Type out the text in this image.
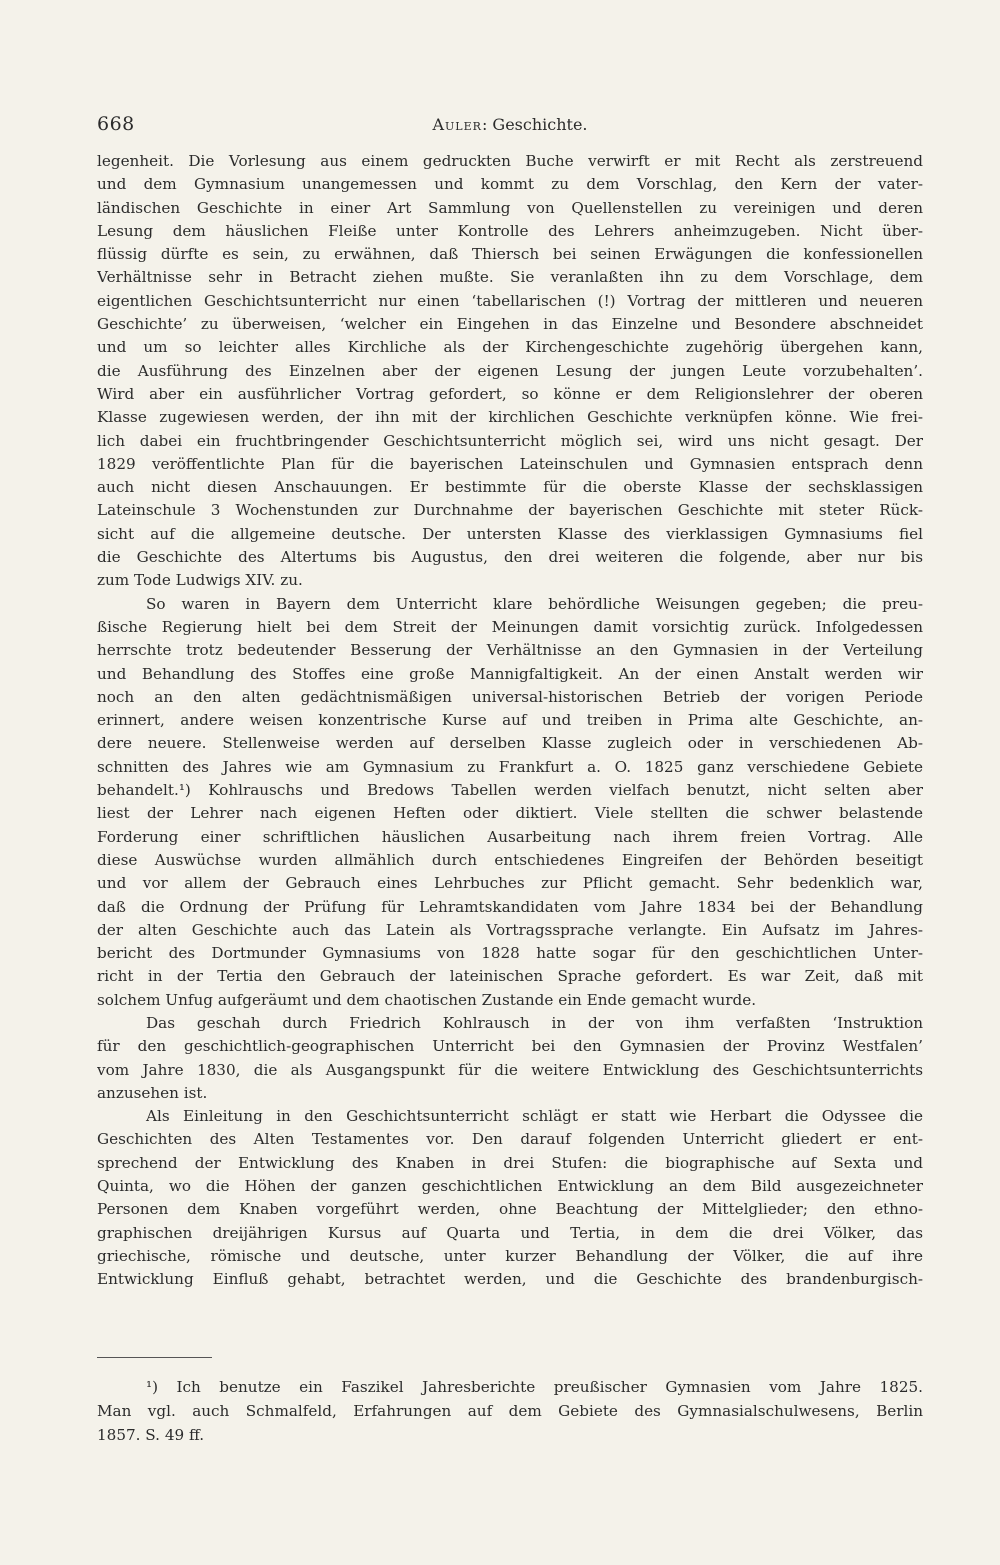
668	Auler: Geschichte.
legenheit. Die Vorlesung aus einem gedruckten Buche verwirft er mit Recht als zerstreuend
und dem Gymnasium unangemessen und kommt zu dem Vorschlag, den Kern der vater-
ländischen Geschichte in einer Art Sammlung von Quellenstellen zu vereinigen und deren
Lesung dem häuslichen Fleiße unter Kontrolle des Lehrers anheimzugeben. Nicht über-
flüssig dürfte es sein, zu erwähnen, daß Thiersch bei seinen Erwägungen die konfessionellen
Verhältnisse sehr in Betracht ziehen mußte. Sie veranlaßten ihn zu dem Vorschlage, dem
eigentlichen Geschichtsunterricht nur einen ‘tabellarischen (!) Vortrag der mittleren und neueren
Geschichte’ zu überweisen, ‘welcher ein Eingehen in das Einzelne und Besondere abschneidet
und um so leichter alles Kirchliche als der Kirchengeschichte zugehörig übergehen kann,
die Ausführung des Einzelnen aber der eigenen Lesung der jungen Leute vorzubehalten’.
Wird aber ein ausführlicher Vortrag gefordert, so könne er dem Religionslehrer der oberen
Klasse zugewiesen werden, der ihn mit der kirchlichen Geschichte verknüpfen könne. Wie frei-
lich dabei ein fruchtbringender Geschichtsunterricht möglich sei, wird uns nicht gesagt. Der
1829 veröffentlichte Plan für die bayerischen Lateinschulen und Gymnasien entsprach denn
auch nicht diesen Anschauungen. Er bestimmte für die oberste Klasse der sechsklassigen
Lateinschule 3 Wochenstunden zur Durchnahme der bayerischen Geschichte mit steter Rück-
sicht auf die allgemeine deutsche. Der untersten Klasse des vierklassigen Gymnasiums fiel
die Geschichte des Altertums bis Augustus, den drei weiteren die folgende, aber nur bis
zum Tode Ludwigs XIV. zu.
So waren in Bayern dem Unterricht klare behördliche Weisungen gegeben; die preu-
ßische Regierung hielt bei dem Streit der Meinungen damit vorsichtig zurück. Infolgedessen
herrschte trotz bedeutender Besserung der Verhältnisse an den Gymnasien in der Verteilung
und Behandlung des Stoffes eine große Mannigfaltigkeit. An der einen Anstalt werden wir
noch an den alten gedächtnismäßigen universal-historischen Betrieb der vorigen Periode
erinnert, andere weisen konzentrische Kurse auf und treiben in Prima alte Geschichte, an-
dere neuere. Stellenweise werden auf derselben Klasse zugleich oder in verschiedenen Ab-
schnitten des Jahres wie am Gymnasium zu Frankfurt a. O. 1825 ganz verschiedene Gebiete
behandelt.¹) Kohlrauschs und Bredows Tabellen werden vielfach benutzt, nicht selten aber
liest der Lehrer nach eigenen Heften oder diktiert. Viele stellten die schwer belastende
Forderung einer schriftlichen häuslichen Ausarbeitung nach ihrem freien Vortrag. Alle
diese Auswüchse wurden allmählich durch entschiedenes Eingreifen der Behörden beseitigt
und vor allem der Gebrauch eines Lehrbuches zur Pflicht gemacht. Sehr bedenklich war,
daß die Ordnung der Prüfung für Lehramtskandidaten vom Jahre 1834 bei der Behandlung
der alten Geschichte auch das Latein als Vortragssprache verlangte. Ein Aufsatz im Jahres-
bericht des Dortmunder Gymnasiums von 1828 hatte sogar für den geschichtlichen Unter-
richt in der Tertia den Gebrauch der lateinischen Sprache gefordert. Es war Zeit, daß mit
solchem Unfug aufgeräumt und dem chaotischen Zustande ein Ende gemacht wurde.
Das geschah durch Friedrich Kohlrausch in der von ihm verfaßten ‘Instruktion
für den geschichtlich-geographischen Unterricht bei den Gymnasien der Provinz Westfalen’
vom Jahre 1830, die als Ausgangspunkt für die weitere Entwicklung des Geschichtsunterrichts
anzusehen ist.
Als Einleitung in den Geschichtsunterricht schlägt er statt wie Herbart die Odyssee die
Geschichten des Alten Testamentes vor. Den darauf folgenden Unterricht gliedert er ent-
sprechend der Entwicklung des Knaben in drei Stufen: die biographische auf Sexta und
Quinta, wo die Höhen der ganzen geschichtlichen Entwicklung an dem Bild ausgezeichneter
Personen dem Knaben vorgeführt werden, ohne Beachtung der Mittelglieder; den ethno-
graphischen dreijährigen Kursus auf Quarta und Tertia, in dem die drei Völker, das
griechische, römische und deutsche, unter kurzer Behandlung der Völker, die auf ihre
Entwicklung Einfluß gehabt, betrachtet werden, und die Geschichte des brandenburgisch-
¹) Ich benutze ein Faszikel Jahresberichte preußischer Gymnasien vom Jahre 1825.
Man vgl. auch Schmalfeld, Erfahrungen auf dem Gebiete des Gymnasialschulwesens, Berlin
1857. S. 49 ff.
